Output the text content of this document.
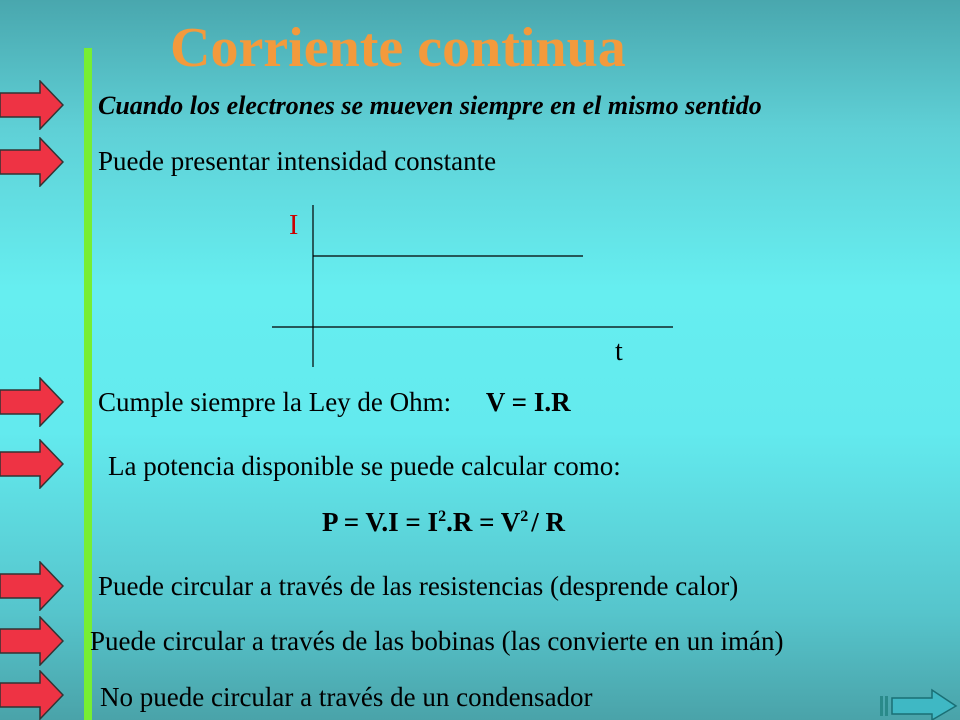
Corriente continua
Cuando los electrones se mueven siempre en el mismo sentido
Puede presentar intensidad constante
I
t
Cumple siempre la Ley de Ohm: V = I.R
La potencia disponible se puede calcular como:
$P = V.I = I^2.R = V^2 / R$
Puede circular a través de las resistencias (desprende calor)
Puede circular a través de las bobinas (las convierte en un imán)
No puede circular a través de un condensador
